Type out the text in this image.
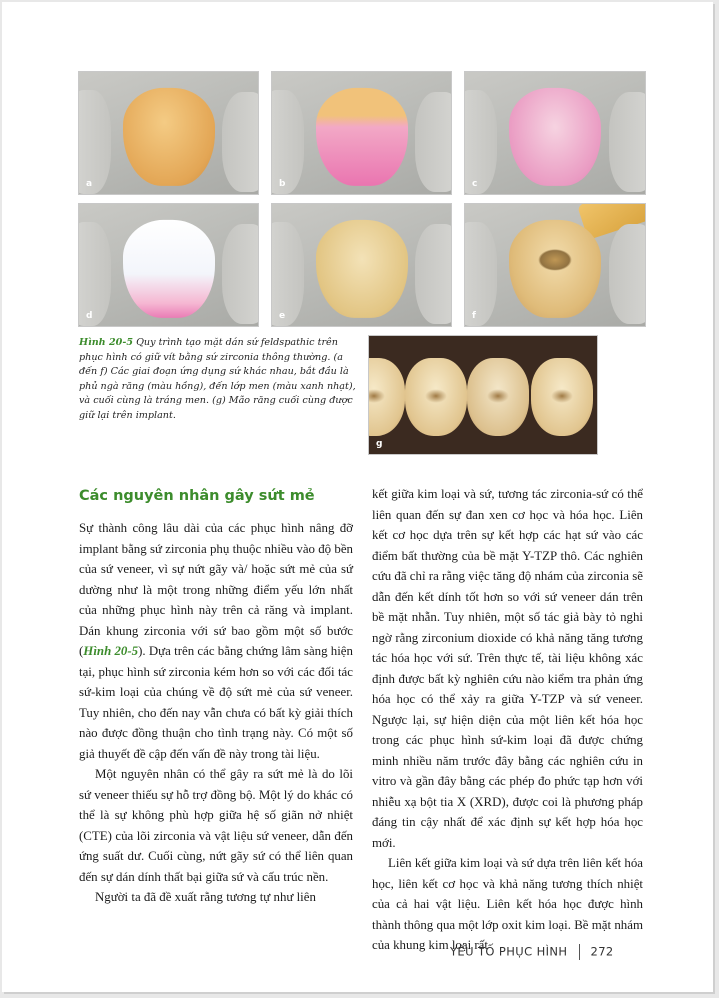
a	b	c
d	e	f
Hình 20-5 Quy trình tạo mặt dán sứ feldspathic trên phục hình có giữ vít bằng sứ zirconia thông thường. (a đến f) Các giai đoạn ứng dụng sứ khác nhau, bắt đầu là phủ ngà răng (màu hồng), đến lớp men (màu xanh nhạt), và cuối cùng là tráng men. (g) Mão răng cuối cùng được giữ lại trên implant.
g
Các nguyên nhân gây sứt mẻ

Sự thành công lâu dài của các phục hình nâng đỡ implant bằng sứ zirconia phụ thuộc nhiều vào độ bền của sứ veneer, vì sự nứt gãy và/ hoặc sứt mẻ của sứ dường như là một trong những điểm yếu lớn nhất của những phục hình này trên cả răng và implant. Dán khung zirconia với sứ bao gồm một số bước (Hình 20-5). Dựa trên các bằng chứng lâm sàng hiện tại, phục hình sứ zirconia kém hơn so với các đối tác sứ-kim loại của chúng về độ sứt mẻ của sứ veneer. Tuy nhiên, cho đến nay vẫn chưa có bất kỳ giải thích nào được đồng thuận cho tình trạng này. Có một số giả thuyết đề cập đến vấn đề này trong tài liệu.

Một nguyên nhân có thể gây ra sứt mẻ là do lõi sứ veneer thiếu sự hỗ trợ đồng bộ. Một lý do khác có thể là sự không phù hợp giữa hệ số giãn nở nhiệt (CTE) của lõi zirconia và vật liệu sứ veneer, dẫn đến ứng suất dư. Cuối cùng, nứt gãy sứ có thể liên quan đến sự dán dính thất bại giữa sứ và cấu trúc nền.

Người ta đã đề xuất rằng tương tự như liên

kết giữa kim loại và sứ, tương tác zirconia-sứ có thể liên quan đến sự đan xen cơ học và hóa học. Liên kết cơ học dựa trên sự kết hợp các hạt sứ vào các điểm bất thường của bề mặt Y-TZP thô. Các nghiên cứu đã chỉ ra rằng việc tăng độ nhám của zirconia sẽ dẫn đến kết dính tốt hơn so với sứ veneer dán trên bề mặt nhẵn. Tuy nhiên, một số tác giả bày tỏ nghi ngờ rằng zirconium dioxide có khả năng tăng tương tác hóa học với sứ. Trên thực tế, tài liệu không xác định được bất kỳ nghiên cứu nào kiểm tra phản ứng hóa học có thể xảy ra giữa Y-TZP và sứ veneer. Ngược lại, sự hiện diện của một liên kết hóa học trong các phục hình sứ-kim loại đã được chứng minh nhiều năm trước đây bằng các nghiên cứu in vitro và gần đây bằng các phép đo phức tạp hơn với nhiễu xạ bột tia X (XRD), được coi là phương pháp đáng tin cậy nhất để xác định sự kết hợp hóa học mới.

Liên kết giữa kim loại và sứ dựa trên liên kết hóa học, liên kết cơ học và khả năng tương thích nhiệt của cả hai vật liệu. Liên kết hóa học được hình thành thông qua một lớp oxit kim loại. Bề mặt nhám của khung kim loại rất

YẾU TỐ PHỤC HÌNH 272
